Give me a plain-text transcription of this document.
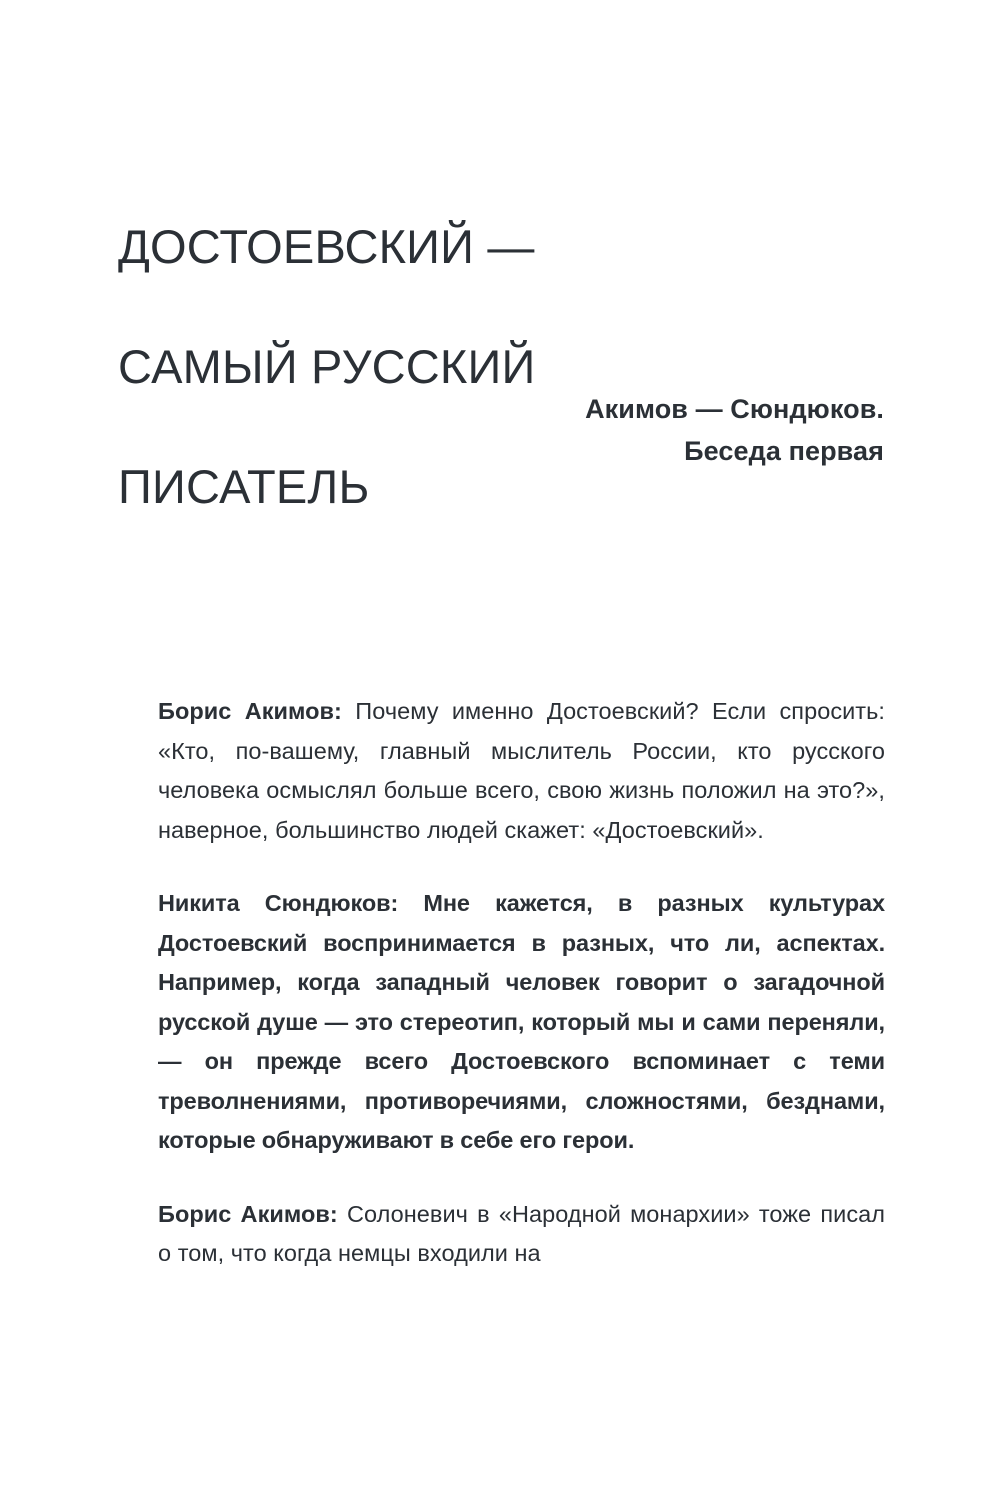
ДОСТОЕВСКИЙ —

САМЫЙ РУССКИЙ

ПИСАТЕЛЬ

Акимов — Сюндюков.
Беседа первая

Борис Акимов: Почему именно Достоевский? Если спросить: «Кто, по-вашему, главный мыслитель России, кто русского человека осмыслял больше всего, свою жизнь положил на это?», наверное, большинство людей скажет: «Достоевский».

Никита Сюндюков: Мне кажется, в разных культурах Достоевский воспринимается в разных, что ли, аспектах. Например, когда западный человек говорит о загадочной русской душе — это стереотип, который мы и сами переняли, — он прежде всего Достоевского вспоминает с теми треволнениями, противоречиями, сложностями, безднами, которые обнаруживают в себе его герои.

Борис Акимов: Солоневич в «Народной монархии» тоже писал о том, что когда немцы входили на
